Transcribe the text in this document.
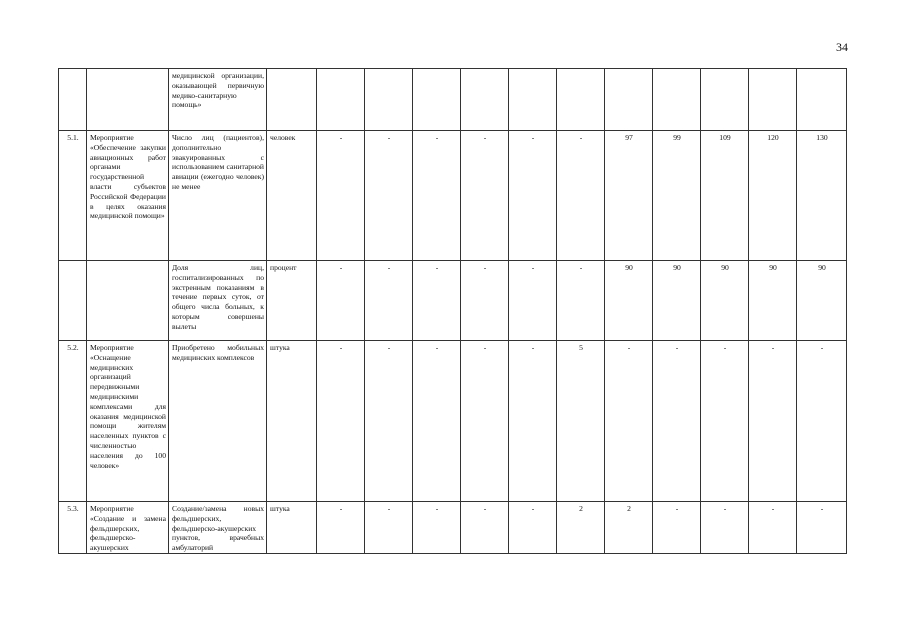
34
		медицинской организации, оказывающей первичную медико-санитарную помощь»												
5.1.	Мероприятие «Обеспечение закупки авиационных работ органами государственной власти субъектов Российской Федерации в целях оказания медицинской помощи»	Число лиц (пациентов), дополнительно эвакуированных с использованием санитарной авиации (ежегодно человек) не менее	человек	-	-	-	-	-	-	97	99	109	120	130
		Доля лиц, госпитализированных по экстренным показаниям в течение первых суток, от общего числа больных, к которым совершены вылеты	процент	-	-	-	-	-	-	90	90	90	90	90
5.2.	Мероприятие «Оснащение медицинских организаций передвижными медицинскими комплексами для оказания медицинской помощи жителям населенных пунктов с численностью населения до 100 человек»	Приобретено мобильных медицинских комплексов	штука	-	-	-	-	-	5	-	-	-	-	-
5.3.	Мероприятие «Создание и замена фельдшерских, фельдшерско-акушерских	Создание/замена новых фельдшерских, фельдшерско-акушерских пунктов, врачебных амбулаторий	штука	-	-	-	-	-	2	2	-	-	-	-
